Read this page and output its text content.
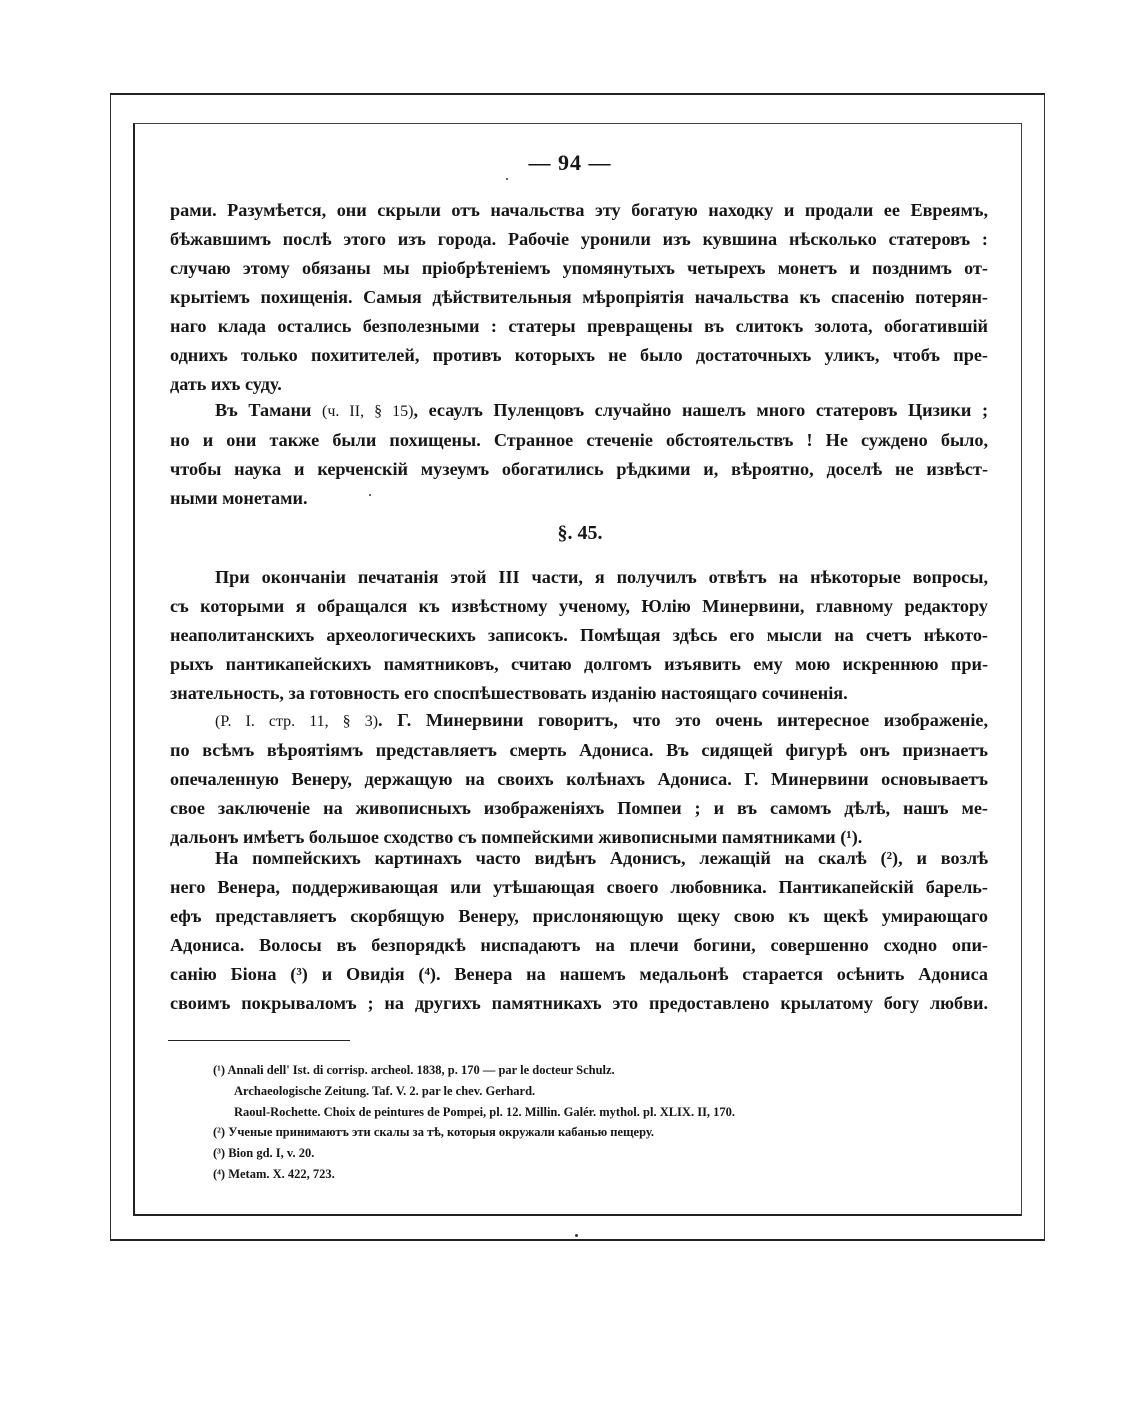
— 94 —
рами. Разумѣется, они скрыли отъ начальства эту богатую находку и продали ее Евреямъ,
бѣжавшимъ послѣ этого изъ города. Рабочіе уронили изъ кувшина нѣсколько статеровъ :
случаю этому обязаны мы пріобрѣтеніемъ упомянутыхъ четырехъ монетъ и позднимъ от-
крытіемъ похищенія. Самыя дѣйствительныя мѣропріятія начальства къ спасенію потерян-
наго клада остались безполезными : статеры превращены въ слитокъ золота, обогатившій
однихъ только похитителей, противъ которыхъ не было достаточныхъ уликъ, чтобъ пре-
дать ихъ суду.
Въ Тамани (ч. II, § 15), есаулъ Пуленцовъ случайно нашелъ много статеровъ Цизики ;
но и они также были похищены. Странное стеченіе обстоятельствъ ! Не суждено было,
чтобы наука и керченскій музеумъ обогатились рѣдкими и, вѣроятно, доселѣ не извѣст-
ными монетами.
§. 45.
При окончаніи печатанія этой III части, я получилъ отвѣтъ на нѣкоторые вопросы,
съ которыми я обращался къ извѣстному ученому, Юлію Минервини, главному редактору
неаполитанскихъ археологическихъ записокъ. Помѣщая здѣсь его мысли на счетъ нѣкото-
рыхъ пантикапейскихъ памятниковъ, считаю долгомъ изъявить ему мою искреннюю при-
знательность, за готовность его споспѣшествовать изданію настоящаго сочиненія.
(P. I. стр. 11, § 3). Г. Минервини говоритъ, что это очень интересное изображеніе,
по всѣмъ вѣроятіямъ представляетъ смерть Адониса. Въ сидящей фигурѣ онъ признаетъ
опечаленную Венеру, держащую на своихъ колѣнахъ Адониса. Г. Минервини основываетъ
свое заключеніе на живописныхъ изображеніяхъ Помпеи ; и въ самомъ дѣлѣ, нашъ ме-
дальонъ имѣетъ большое сходство съ помпейскими живописными памятниками (¹).
На помпейскихъ картинахъ часто видѣнъ Адонисъ, лежащій на скалѣ (²), и возлѣ
него Венера, поддерживающая или утѣшающая своего любовника. Пантикапейскій барель-
ефъ представляетъ скорбящую Венеру, прислоняющую щеку свою къ щекѣ умирающаго
Адониса. Волосы въ безпорядкѣ ниспадаютъ на плечи богини, совершенно сходно опи-
санію Біона (³) и Овидія (⁴). Венера на нашемъ медальонѣ старается осѣнить Адониса
своимъ покрываломъ ; на другихъ памятникахъ это предоставлено крылатому богу любви.
(¹) Annali dell' Ist. di corrisp. archeol. 1838, p. 170 — par le docteur Schulz.
Archaeologische Zeitung. Taf. V. 2. par le chev. Gerhard.
Raoul-Rochette. Choix de peintures de Pompei, pl. 12. Millin. Galér. mythol. pl. XLIX. II, 170.
(²) Ученые принимаютъ эти скалы за тѣ, которыя окружали кабанью пещеру.
(³) Bion gd. I, v. 20.
(⁴) Metam. X. 422, 723.
